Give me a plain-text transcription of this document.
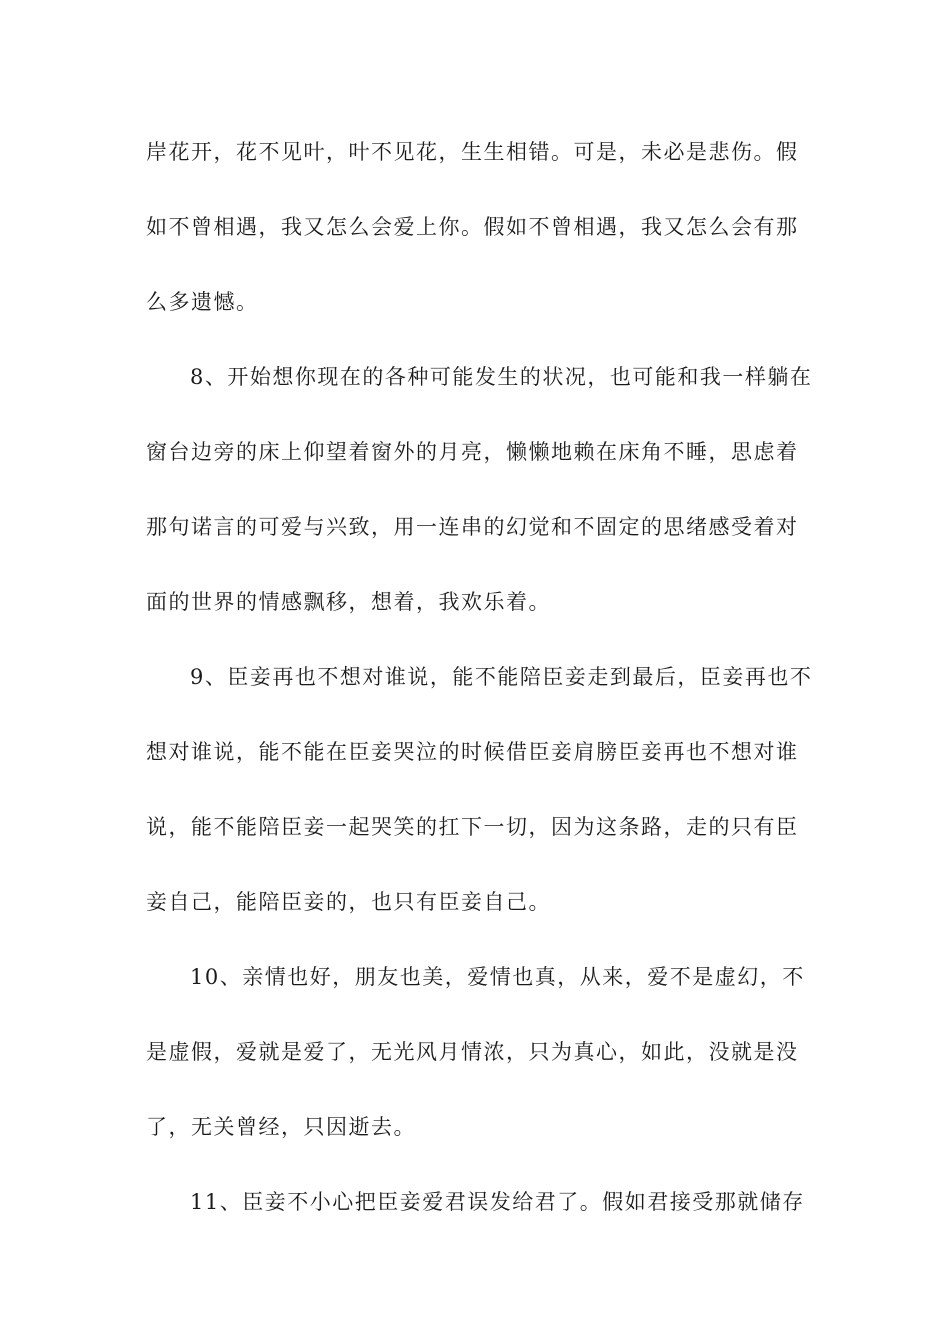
岸花开，花不见叶，叶不见花，生生相错。可是，未必是悲伤。假
如不曾相遇，我又怎么会爱上你。假如不曾相遇，我又怎么会有那
么多遗憾。
8、开始想你现在的各种可能发生的状况，也可能和我一样躺在
窗台边旁的床上仰望着窗外的月亮，懒懒地赖在床角不睡，思虑着
那句诺言的可爱与兴致，用一连串的幻觉和不固定的思绪感受着对
面的世界的情感飘移，想着，我欢乐着。
9、臣妾再也不想对谁说，能不能陪臣妾走到最后，臣妾再也不
想对谁说，能不能在臣妾哭泣的时候借臣妾肩膀臣妾再也不想对谁
说，能不能陪臣妾一起哭笑的扛下一切，因为这条路，走的只有臣
妾自己，能陪臣妾的，也只有臣妾自己。
10、亲情也好，朋友也美，爱情也真，从来，爱不是虚幻，不
是虚假，爱就是爱了，无光风月情浓，只为真心，如此，没就是没
了，无关曾经，只因逝去。
11、臣妾不小心把臣妾爱君误发给君了。假如君接受那就储存
